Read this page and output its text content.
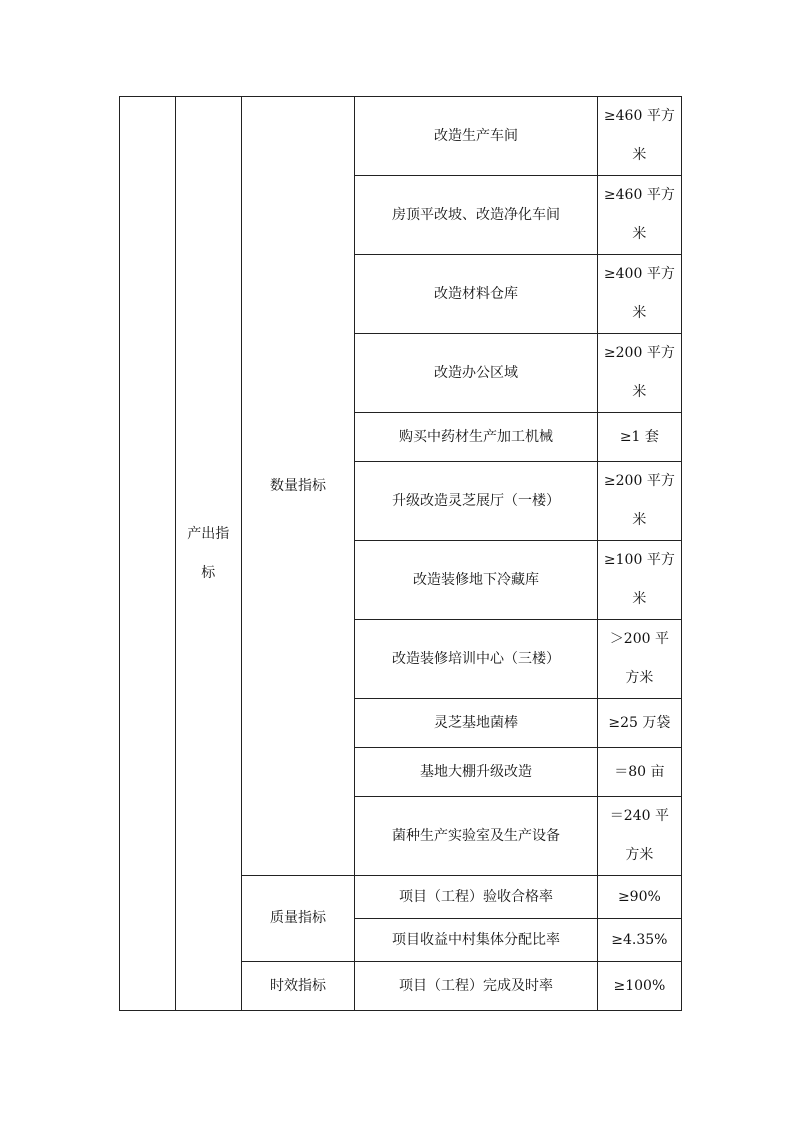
	产出指标	数量指标	改造生产车间	≥460 平方米
			房顶平改坡、改造净化车间	≥460 平方米
			改造材料仓库	≥400 平方米
			改造办公区域	≥200 平方米
			购买中药材生产加工机械	≥1 套
			升级改造灵芝展厅（一楼）	≥200 平方米
			改造装修地下冷藏库	≥100 平方米
			改造装修培训中心（三楼）	＞200 平方米
			灵芝基地菌棒	≥25 万袋
			基地大棚升级改造	＝80 亩
			菌种生产实验室及生产设备	＝240 平方米
		质量指标	项目（工程）验收合格率	≥90%
			项目收益中村集体分配比率	≥4.35%
		时效指标	项目（工程）完成及时率	≥100%
